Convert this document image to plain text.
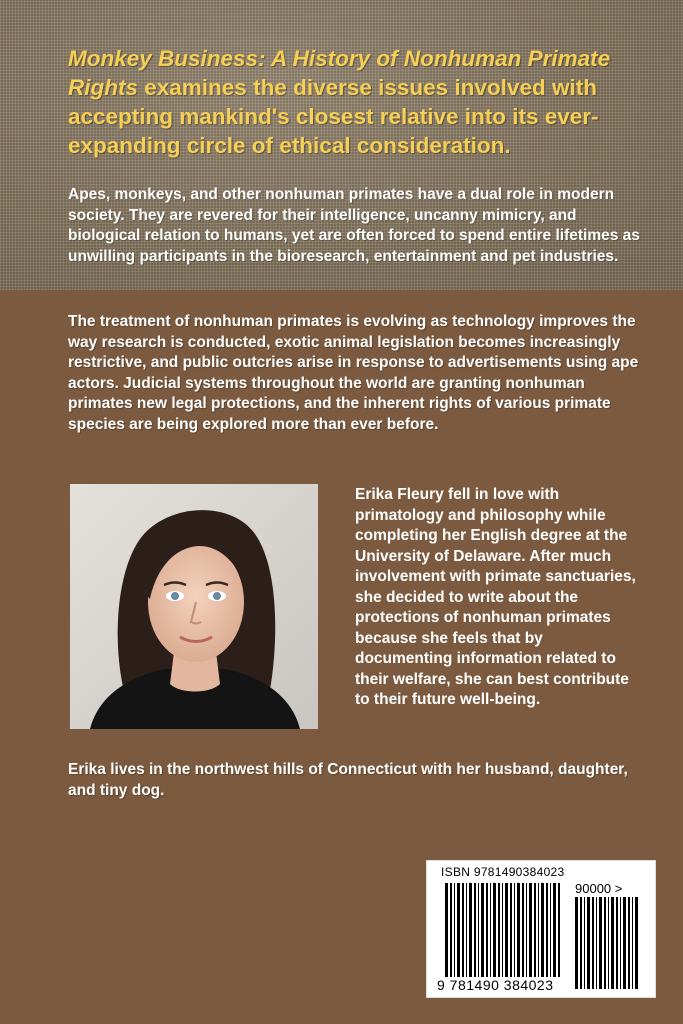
Monkey Business: A History of Nonhuman Primate Rights examines the diverse issues involved with accepting mankind's closest relative into its ever-expanding circle of ethical consideration.

Apes, monkeys, and other nonhuman primates have a dual role in modern society. They are revered for their intelligence, uncanny mimicry, and biological relation to humans, yet are often forced to spend entire lifetimes as unwilling participants in the bioresearch, entertainment and pet industries.

The treatment of nonhuman primates is evolving as technology improves the way research is conducted, exotic animal legislation becomes increasingly restrictive, and public outcries arise in response to advertisements using ape actors. Judicial systems throughout the world are granting nonhuman primates new legal protections, and the inherent rights of various primate species are being explored more than ever before.

Erika Fleury fell in love with primatology and philosophy while completing her English degree at the University of Delaware. After much involvement with primate sanctuaries, she decided to write about the protections of nonhuman primates because she feels that by documenting information related to their welfare, she can best contribute to their future well-being.

Erika lives in the northwest hills of Connecticut with her husband, daughter, and tiny dog.

ISBN 9781490384023

90000 >

9 781490 384023
